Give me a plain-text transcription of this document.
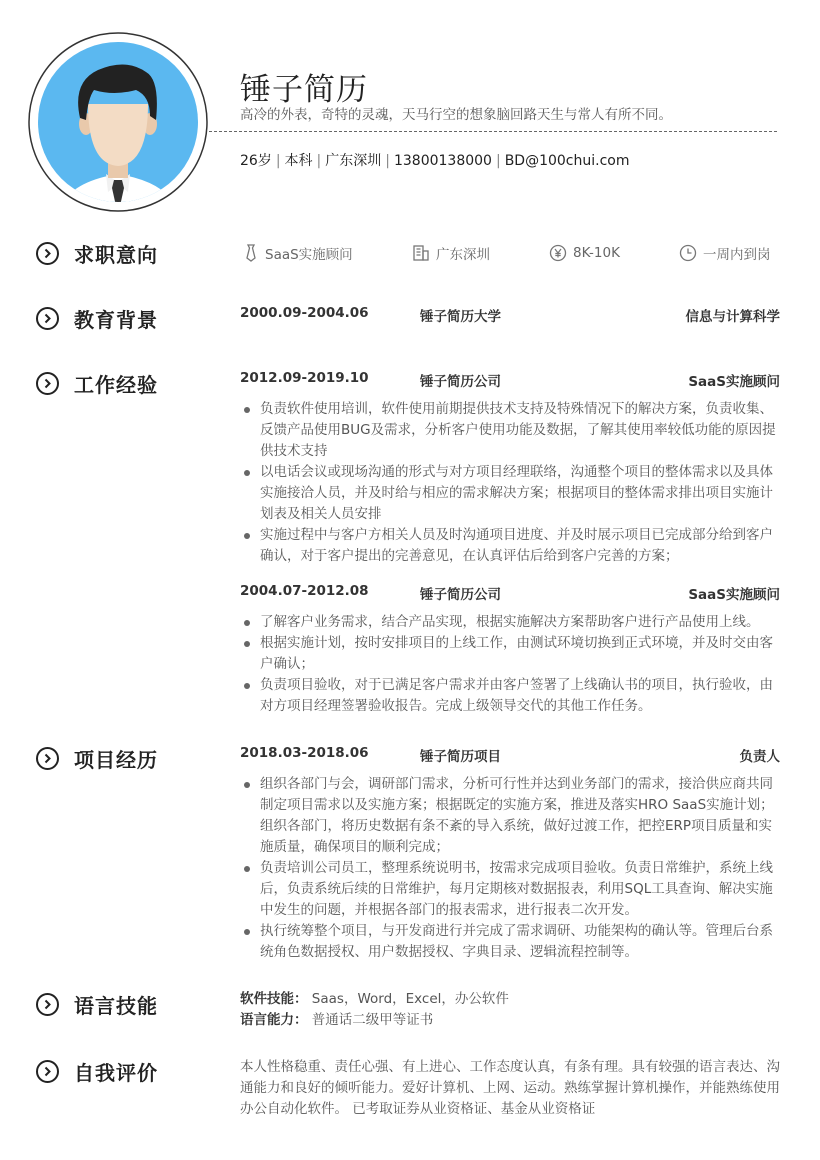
锤子简历
高冷的外表，奇特的灵魂，天马行空的想象脑回路天生与常人有所不同。
26岁 | 本科 | 广东深圳 | 13800138000 | BD@100chui.com
求职意向	SaaS实施顾问	广东深圳	8K-10K	一周内到岗
教育背景	2000.09-2004.06	锤子简历大学	信息与计算科学
工作经验	2012.09-2019.10	锤子简历公司	SaaS实施顾问
负责软件使用培训，软件使用前期提供技术支持及特殊情况下的解决方案，负责收集、反馈产品使用BUG及需求，分析客户使用功能及数据，了解其使用率较低功能的原因提供技术支持
以电话会议或现场沟通的形式与对方项目经理联络，沟通整个项目的整体需求以及具体实施接洽人员，并及时给与相应的需求解决方案；根据项目的整体需求排出项目实施计划表及相关人员安排
实施过程中与客户方相关人员及时沟通项目进度、并及时展示项目已完成部分给到客户确认，对于客户提出的完善意见，在认真评估后给到客户完善的方案；
2004.07-2012.08	锤子简历公司	SaaS实施顾问
了解客户业务需求，结合产品实现，根据实施解决方案帮助客户进行产品使用上线。
根据实施计划，按时安排项目的上线工作，由测试环境切换到正式环境，并及时交由客户确认；
负责项目验收，对于已满足客户需求并由客户签署了上线确认书的项目，执行验收，由对方项目经理签署验收报告。完成上级领导交代的其他工作任务。
项目经历	2018.03-2018.06	锤子简历项目	负责人
组织各部门与会，调研部门需求，分析可行性并达到业务部门的需求，接洽供应商共同制定项目需求以及实施方案；根据既定的实施方案，推进及落实HRO SaaS实施计划； 组织各部门，将历史数据有条不紊的导入系统，做好过渡工作，把控ERP项目质量和实施质量，确保项目的顺利完成；
负责培训公司员工，整理系统说明书，按需求完成项目验收。负责日常维护，系统上线后，负责系统后续的日常维护，每月定期核对数据报表，利用SQL工具查询、解决实施中发生的问题，并根据各部门的报表需求，进行报表二次开发。
执行统筹整个项目，与开发商进行并完成了需求调研、功能架构的确认等。管理后台系统角色数据授权、用户数据授权、字典目录、逻辑流程控制等。
语言技能	软件技能： Saas，Word，Excel，办公软件
语言能力： 普通话二级甲等证书
自我评价	本人性格稳重、责任心强、有上进心、工作态度认真，有条有理。具有较强的语言表达、沟通能力和良好的倾听能力。爱好计算机、上网、运动。熟练掌握计算机操作，并能熟练使用办公自动化软件。 已考取证券从业资格证、基金从业资格证
